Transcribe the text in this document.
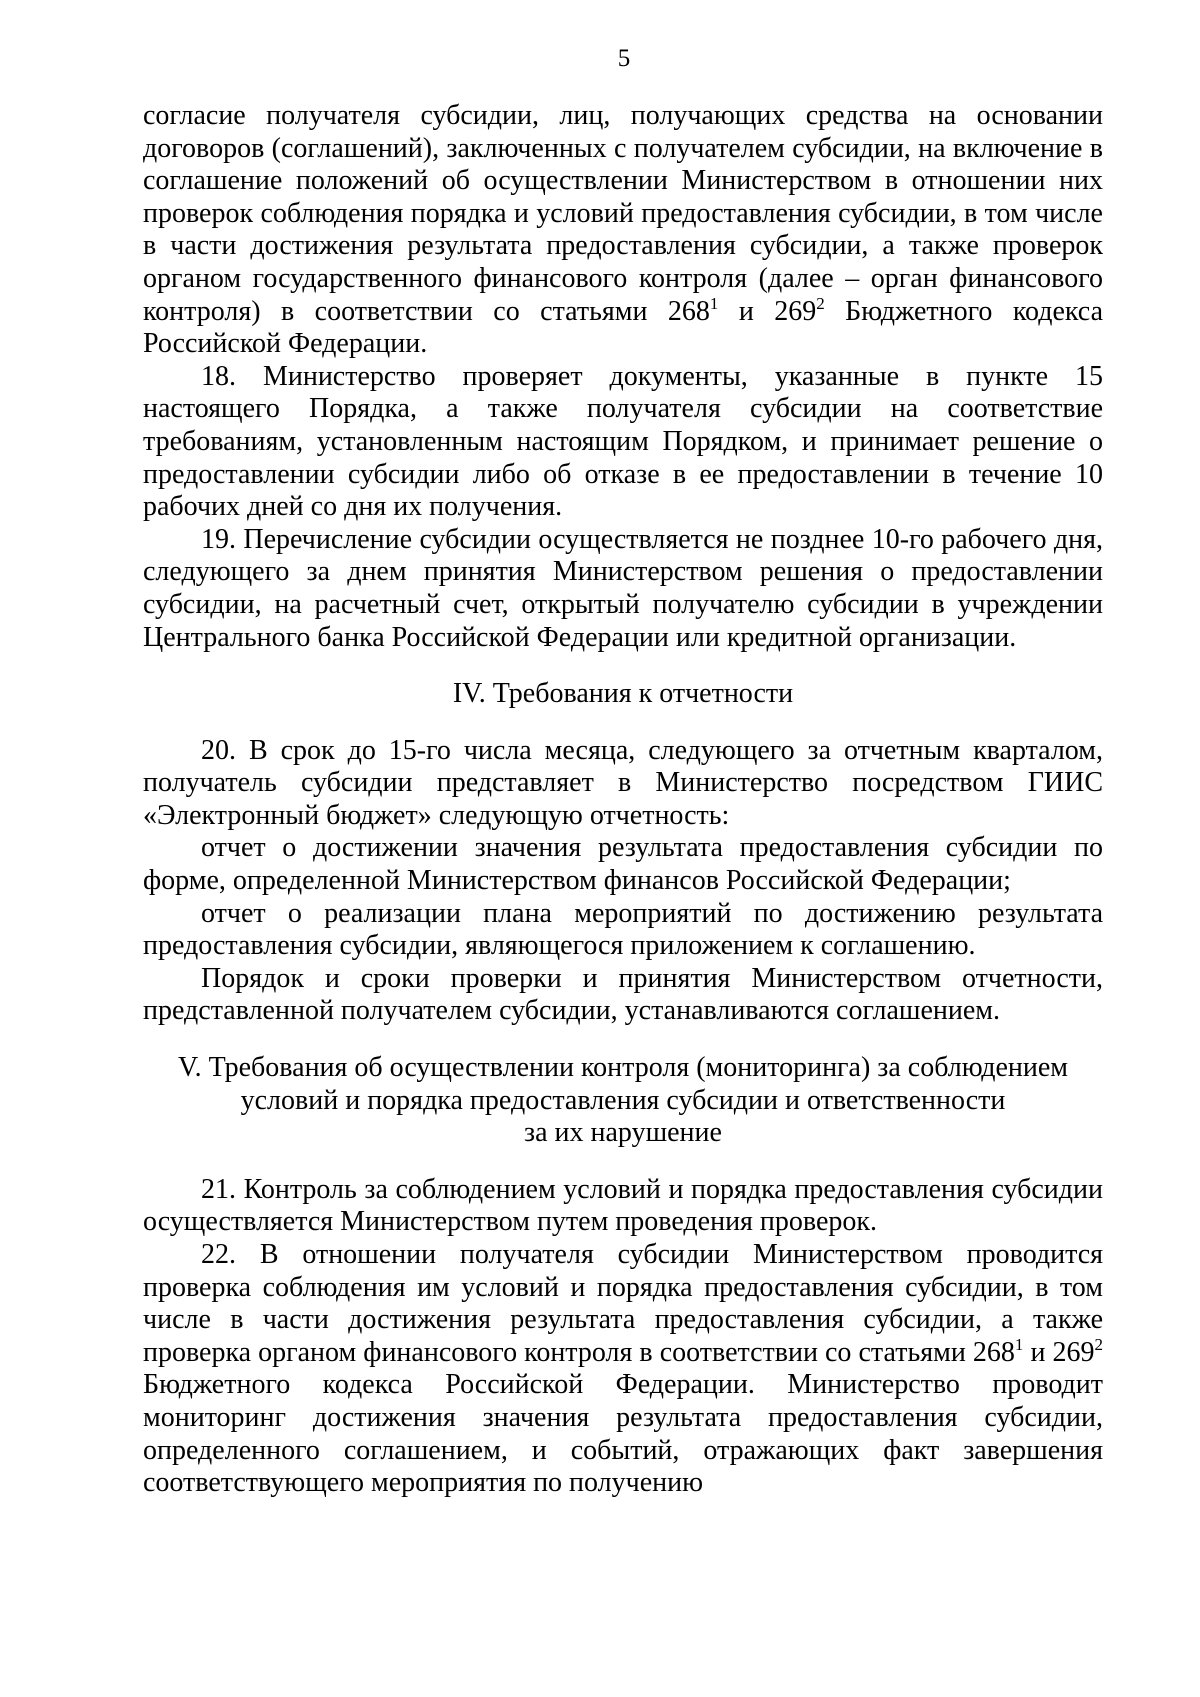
5

согласие получателя субсидии, лиц, получающих средства на основании договоров (соглашений), заключенных с получателем субсидии, на включение в соглашение положений об осуществлении Министерством в отношении них проверок соблюдения порядка и условий предоставления субсидии, в том числе в части достижения результата предоставления субсидии, а также проверок органом государственного финансового контроля (далее – орган финансового контроля) в соответствии со статьями $268^1$ и $269^2$ Бюджетного кодекса Российской Федерации.

18. Министерство проверяет документы, указанные в пункте 15 настоящего Порядка, а также получателя субсидии на соответствие требованиям, установленным настоящим Порядком, и принимает решение о предоставлении субсидии либо об отказе в ее предоставлении в течение 10 рабочих дней со дня их получения.

19. Перечисление субсидии осуществляется не позднее 10-го рабочего дня, следующего за днем принятия Министерством решения о предоставлении субсидии, на расчетный счет, открытый получателю субсидии в учреждении Центрального банка Российской Федерации или кредитной организации.

IV. Требования к отчетности

20. В срок до 15-го числа месяца, следующего за отчетным кварталом, получатель субсидии представляет в Министерство посредством ГИИС «Электронный бюджет» следующую отчетность:

отчет о достижении значения результата предоставления субсидии по форме, определенной Министерством финансов Российской Федерации;

отчет о реализации плана мероприятий по достижению результата предоставления субсидии, являющегося приложением к соглашению.

Порядок и сроки проверки и принятия Министерством отчетности, представленной получателем субсидии, устанавливаются соглашением.

V. Требования об осуществлении контроля (мониторинга) за соблюдением

условий и порядка предоставления субсидии и ответственности

за их нарушение

21. Контроль за соблюдением условий и порядка предоставления субсидии осуществляется Министерством путем проведения проверок.

22. В отношении получателя субсидии Министерством проводится проверка соблюдения им условий и порядка предоставления субсидии, в том числе в части достижения результата предоставления субсидии, а также проверка органом финансового контроля в соответствии со статьями $268^1$ и $269^2$ Бюджетного кодекса Российской Федерации. Министерство проводит мониторинг достижения значения результата предоставления субсидии, определенного соглашением, и событий, отражающих факт завершения соответствующего мероприятия по получению
